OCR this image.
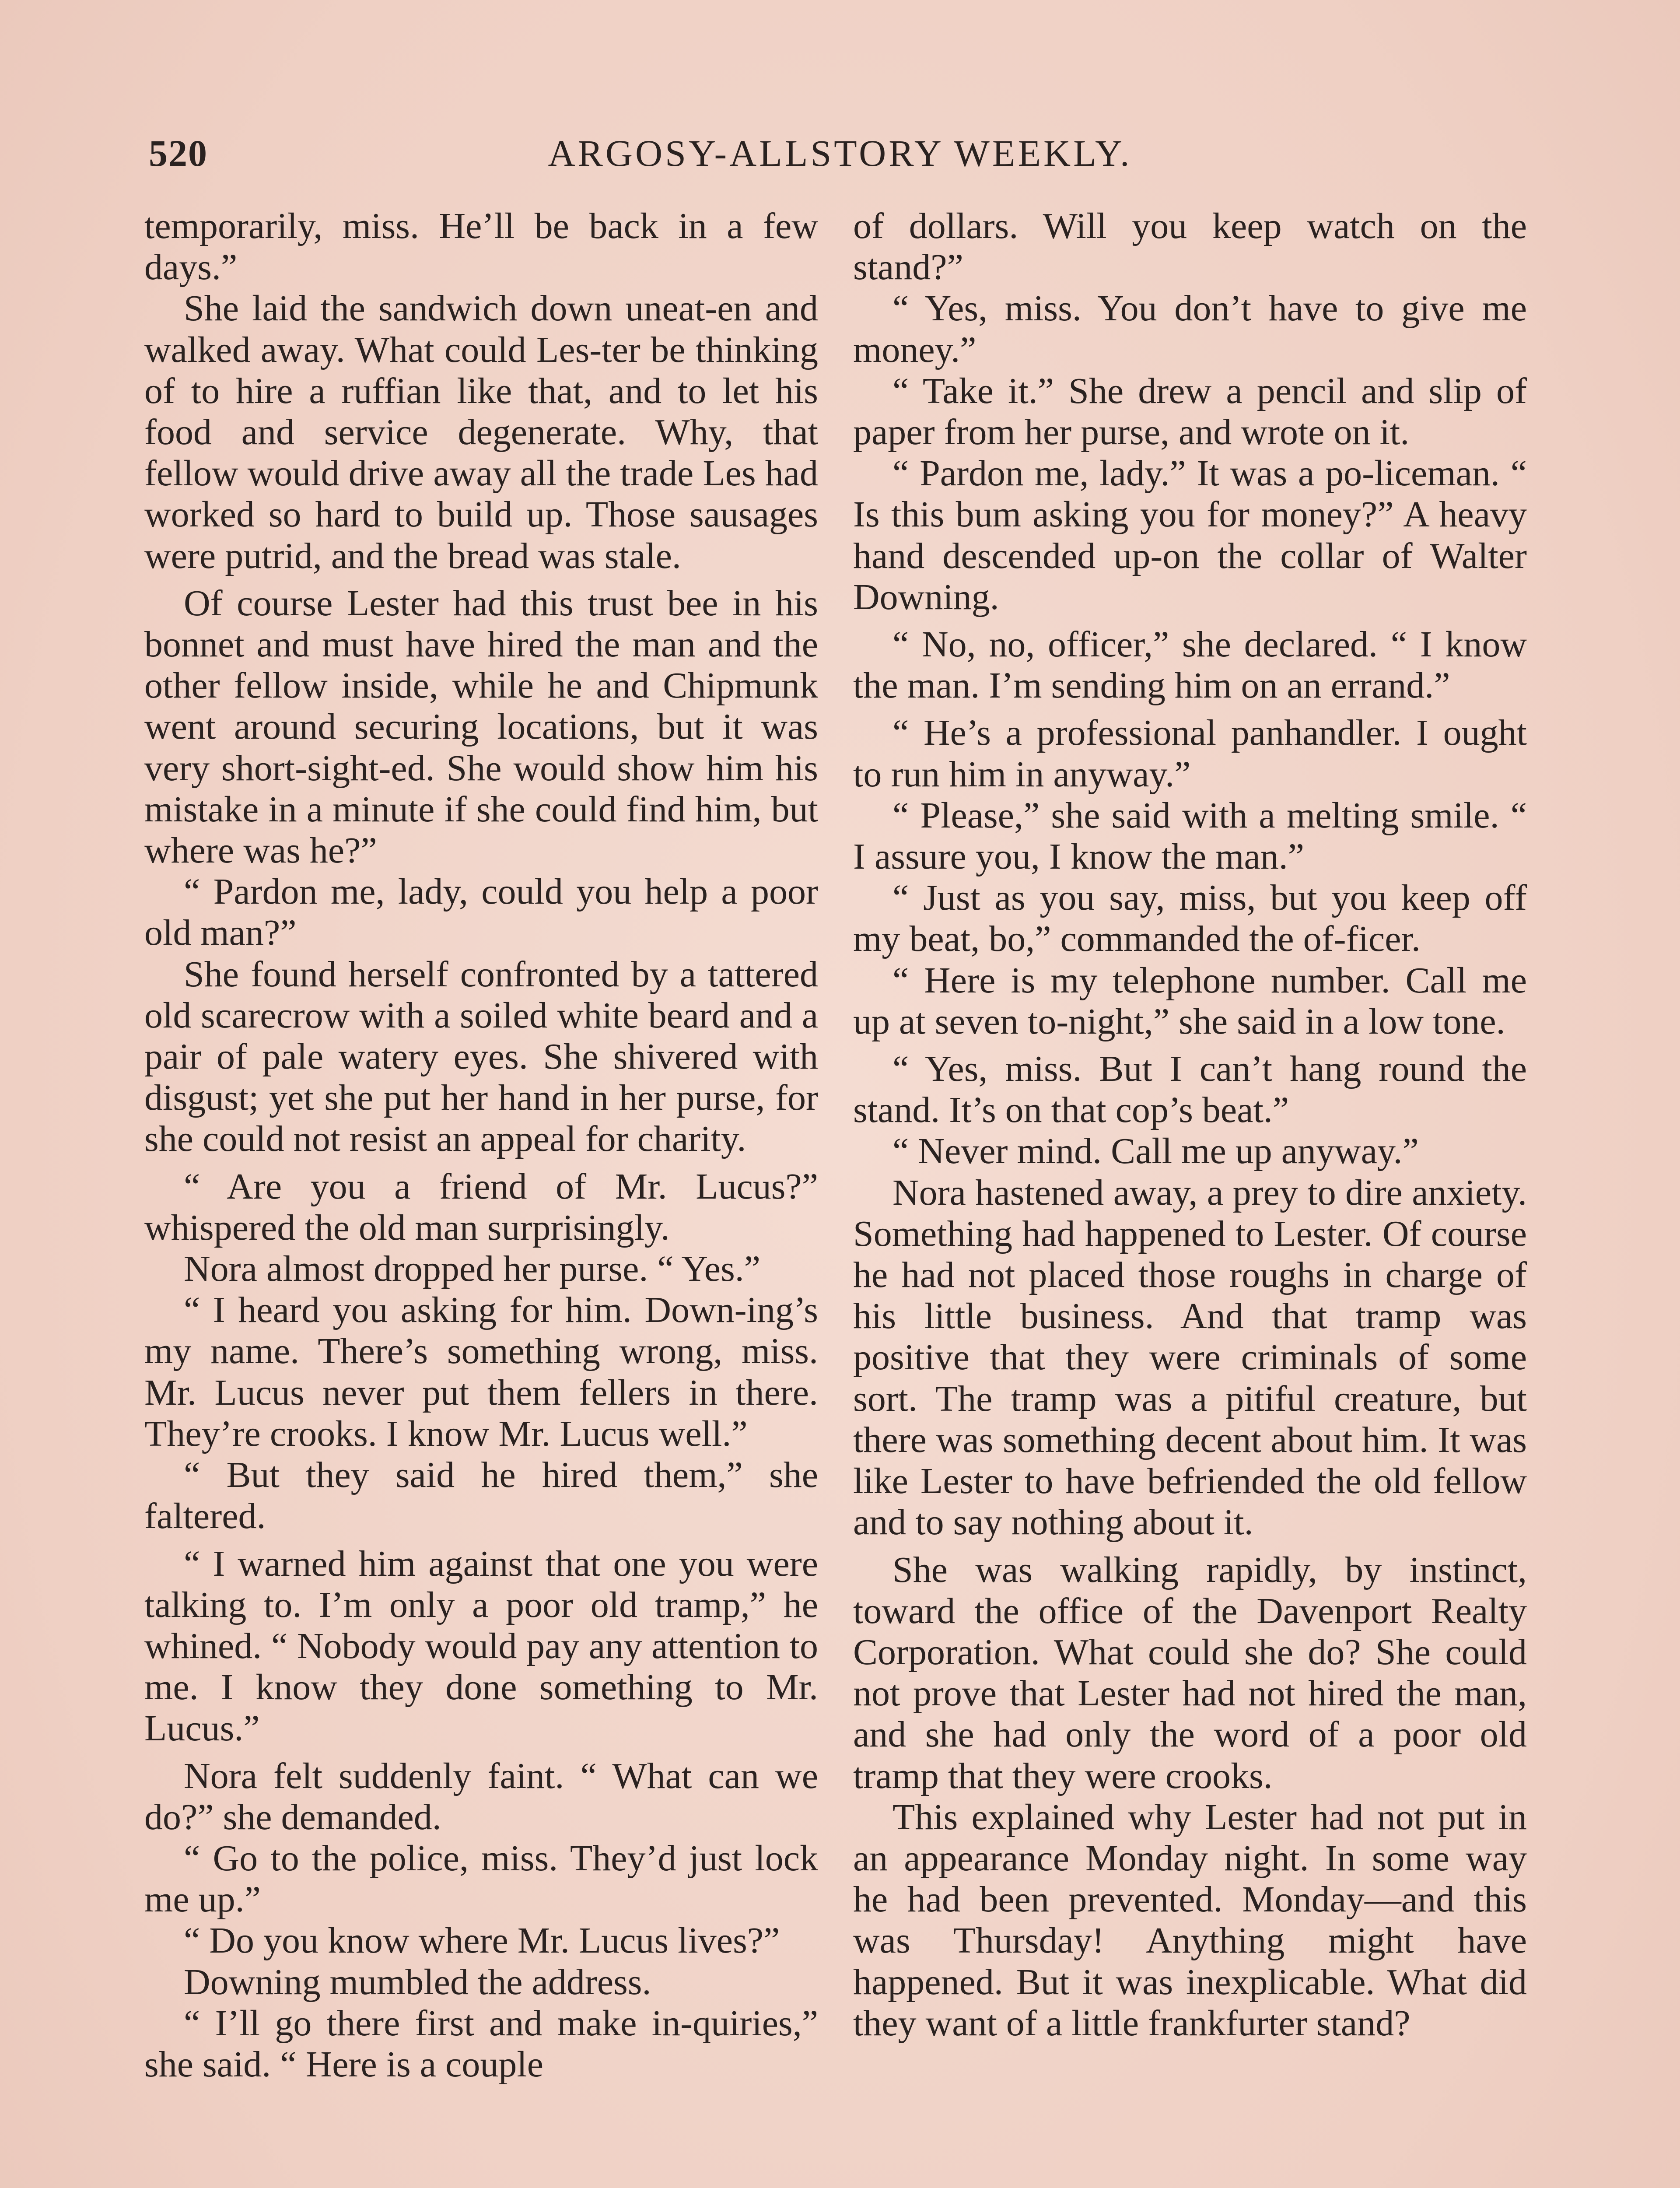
520	ARGOSY-ALLSTORY WEEKLY.

temporarily, miss. He’ll be back in a few days.”

She laid the sandwich down uneat-en and walked away. What could Les-ter be thinking of to hire a ruffian like that, and to let his food and service degenerate. Why, that fellow would drive away all the trade Les had worked so hard to build up. Those sausages were putrid, and the bread was stale.

Of course Lester had this trust bee in his bonnet and must have hired the man and the other fellow inside, while he and Chipmunk went around securing locations, but it was very short-sight-ed. She would show him his mistake in a minute if she could find him, but where was he?”

“ Pardon me, lady, could you help a poor old man?”

She found herself confronted by a tattered old scarecrow with a soiled white beard and a pair of pale watery eyes. She shivered with disgust; yet she put her hand in her purse, for she could not resist an appeal for charity.

“ Are you a friend of Mr. Lucus?” whispered the old man surprisingly.

Nora almost dropped her purse. “ Yes.”

“ I heard you asking for him. Down-ing’s my name. There’s something wrong, miss. Mr. Lucus never put them fellers in there. They’re crooks. I know Mr. Lucus well.”

“ But they said he hired them,” she faltered.

“ I warned him against that one you were talking to. I’m only a poor old tramp,” he whined. “ Nobody would pay any attention to me. I know they done something to Mr. Lucus.”

Nora felt suddenly faint. “ What can we do?” she demanded.

“ Go to the police, miss. They’d just lock me up.”

“ Do you know where Mr. Lucus lives?”

Downing mumbled the address.

“ I’ll go there first and make in-quiries,” she said. “ Here is a couple

of dollars. Will you keep watch on the stand?”

“ Yes, miss. You don’t have to give me money.”

“ Take it.” She drew a pencil and slip of paper from her purse, and wrote on it.

“ Pardon me, lady.” It was a po-liceman. “ Is this bum asking you for money?” A heavy hand descended up-on the collar of Walter Downing.

“ No, no, officer,” she declared. “ I know the man. I’m sending him on an errand.”

“ He’s a professional panhandler. I ought to run him in anyway.”

“ Please,” she said with a melting smile. “ I assure you, I know the man.”

“ Just as you say, miss, but you keep off my beat, bo,” commanded the of-ficer.

“ Here is my telephone number. Call me up at seven to-night,” she said in a low tone.

“ Yes, miss. But I can’t hang round the stand. It’s on that cop’s beat.”

“ Never mind. Call me up anyway.”

Nora hastened away, a prey to dire anxiety. Something had happened to Lester. Of course he had not placed those roughs in charge of his little business. And that tramp was positive that they were criminals of some sort. The tramp was a pitiful creature, but there was something decent about him. It was like Lester to have befriended the old fellow and to say nothing about it.

She was walking rapidly, by instinct, toward the office of the Davenport Realty Corporation. What could she do? She could not prove that Lester had not hired the man, and she had only the word of a poor old tramp that they were crooks.

This explained why Lester had not put in an appearance Monday night. In some way he had been prevented. Monday—and this was Thursday! Anything might have happened. But it was inexplicable. What did they want of a little frankfurter stand?
